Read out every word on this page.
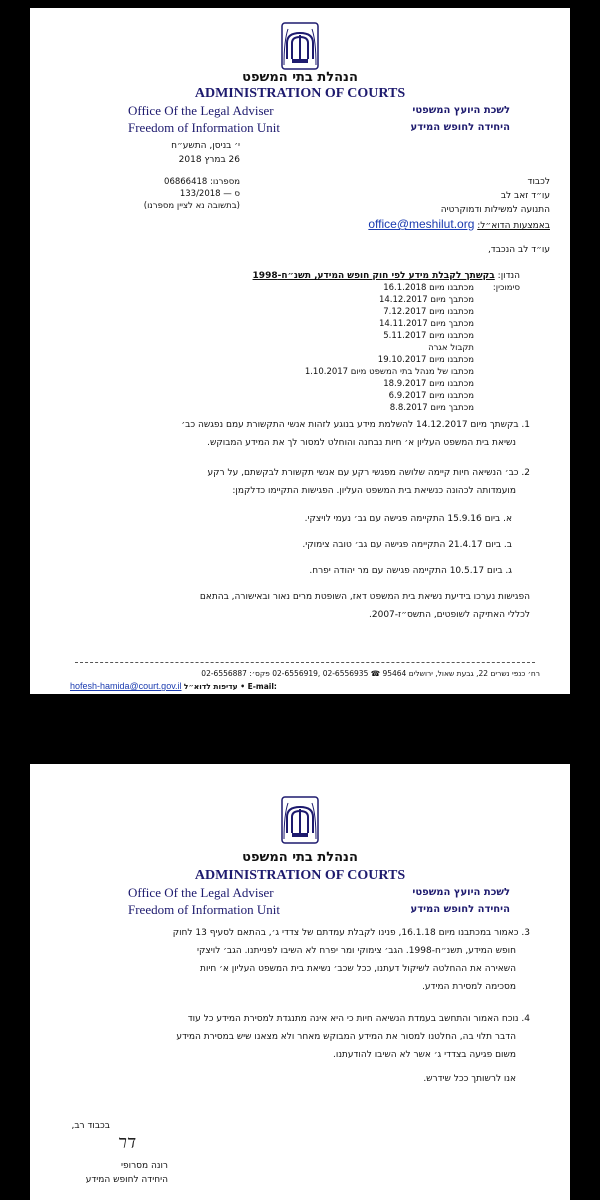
הנהלת בתי המשפט
ADMINISTRATION OF COURTS
Office Of the Legal Adviser
Freedom of Information Unit
לשכת היועץ המשפטי
היחידה לחופש המידע
י׳ בניסן, התשע״ח
26 במרץ 2018
מספרנו: 06866418
ס — 133/2018
(בתשובה נא לציין מספרנו)
לכבוד
עו״ד זאב לב
התנועה למשילות ודמוקרטיה
באמצעות הדוא״ל: office@meshilut.org
עו״ד לב הנכבד,
הנדון: בקשתך לקבלת מידע לפי חוק חופש המידע, תשנ״ח-1998
סימוכין:
מכתבנו מיום 16.1.2018
מכתבך מיום 14.12.2017
מכתבנו מיום 7.12.2017
מכתבך מיום 14.11.2017
מכתבנו מיום 5.11.2017
תקבול אגרה
מכתבנו מיום 19.10.2017
מכתבו של מנהל בתי המשפט מיום 1.10.2017
מכתבנו מיום 18.9.2017
מכתבנו מיום 6.9.2017
מכתבך מיום 8.8.2017
1. בקשתך מיום 14.12.2017 להשלמת מידע בנוגע לזהות אנשי התקשורת עמם נפגשה כב׳
נשיאת בית המשפט העליון א׳ חיות נבחנה והוחלט למסור לך את המידע המבוקש.
2. כב׳ הנשיאה חיות קיימה שלושה מפגשי רקע עם אנשי תקשורת לבקשתם, על רקע
מועמדותה לכהונה כנשיאת בית המשפט העליון. הפגישות התקיימו כדלקמן:
א. ביום 15.9.16 התקיימה פגישה עם גב׳ נעמי לויצקי.
ב. ביום 21.4.17 התקיימה פגישה עם גב׳ טובה צימוקי.
ג. ביום 10.5.17 התקיימה פגישה עם מר יהודה יפרח.
הפגישות נערכו בידיעת נשיאת בית המשפט דאז, השופטת מרים נאור ובאישורה, בהתאם
לכללי האתיקה לשופטים, התשס״ז-2007.
רח׳ כנפי נשרים 22, גבעת שאול, ירושלים 95464 ☎ 02-6556935 ,02-6556919 פקס׳: 02-6556887
hofesh-hamida@court.gov.il עדיפות לדוא״ל • E-mail:
הנהלת בתי המשפט
ADMINISTRATION OF COURTS
Office Of the Legal Adviser
Freedom of Information Unit
לשכת היועץ המשפטי
היחידה לחופש המידע
3. כאמור במכתבנו מיום 16.1.18, פנינו לקבלת עמדתם של צדדי ג׳, בהתאם לסעיף 13 לחוק
חופש המידע, תשנ״ח-1998. הגב׳ צימוקי ומר יפרח לא השיבו לפנייתנו. הגב׳ לויצקי
השאירה את ההחלטה לשיקול דעתנו, ככל שכב׳ נשיאת בית המשפט העליון א׳ חיות
מסכימה למסירת המידע.
4. נוכח האמור והתחשב בעמדת הנשיאה חיות כי היא אינה מתנגדת למסירת המידע כל עוד
הדבר תלוי בה, החלטנו למסור את המידע המבוקש מאחר ולא מצאנו שיש במסירת המידע
משום פגיעה בצדדי ג׳ אשר לא השיבו להודעתנו.
אנו לרשותך ככל שידרש.
בכבוד רב,
ﬢ‏ר
רונה מסרופי
היחידה לחופש המידע
